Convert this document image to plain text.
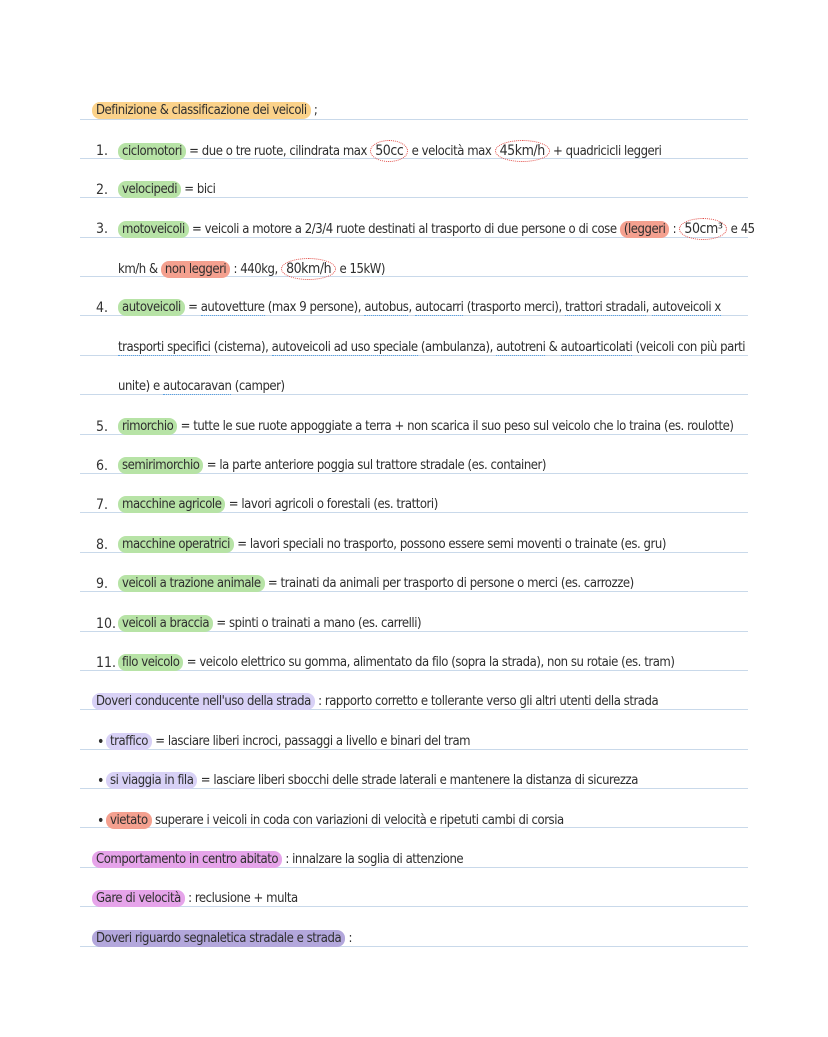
Definizione & classificazione dei veicoli ;
1.	ciclomotori = due o tre ruote, cilindrata max 50cc e velocità max 45km/h + quadricicli leggeri
2.	velocipedi = bici
3.	motoveicoli = veicoli a motore a 2/3/4 ruote destinati al trasporto di due persone o di cose (leggeri : 50cm³ e 45
km/h & non leggeri : 440kg, 80km/h e 15kW)
4.	autoveicoli = autovetture (max 9 persone), autobus, autocarri (trasporto merci), trattori stradali, autoveicoli x
trasporti specifici (cisterna), autoveicoli ad uso speciale (ambulanza), autotreni & autoarticolati (veicoli con più parti
unite) e autocaravan (camper)
5.	rimorchio = tutte le sue ruote appoggiate a terra + non scarica il suo peso sul veicolo che lo traina (es. roulotte)
6.	semirimorchio = la parte anteriore poggia sul trattore stradale (es. container)
7.	macchine agricole = lavori agricoli o forestali (es. trattori)
8.	macchine operatrici = lavori speciali no trasporto, possono essere semi moventi o trainate (es. gru)
9.	veicoli a trazione animale = trainati da animali per trasporto di persone o merci (es. carrozze)
10. veicoli a braccia = spinti o trainati a mano (es. carrelli)
11. filo veicolo = veicolo elettrico su gomma, alimentato da filo (sopra la strada), non su rotaie (es. tram)
Doveri conducente nell'uso della strada : rapporto corretto e tollerante verso gli altri utenti della strada
• traffico = lasciare liberi incroci, passaggi a livello e binari del tram
• si viaggia in fila = lasciare liberi sbocchi delle strade laterali e mantenere la distanza di sicurezza
• vietato superare i veicoli in coda con variazioni di velocità e ripetuti cambi di corsia
Comportamento in centro abitato : innalzare la soglia di attenzione
Gare di velocità : reclusione + multa
Doveri riguardo segnaletica stradale e strada :
